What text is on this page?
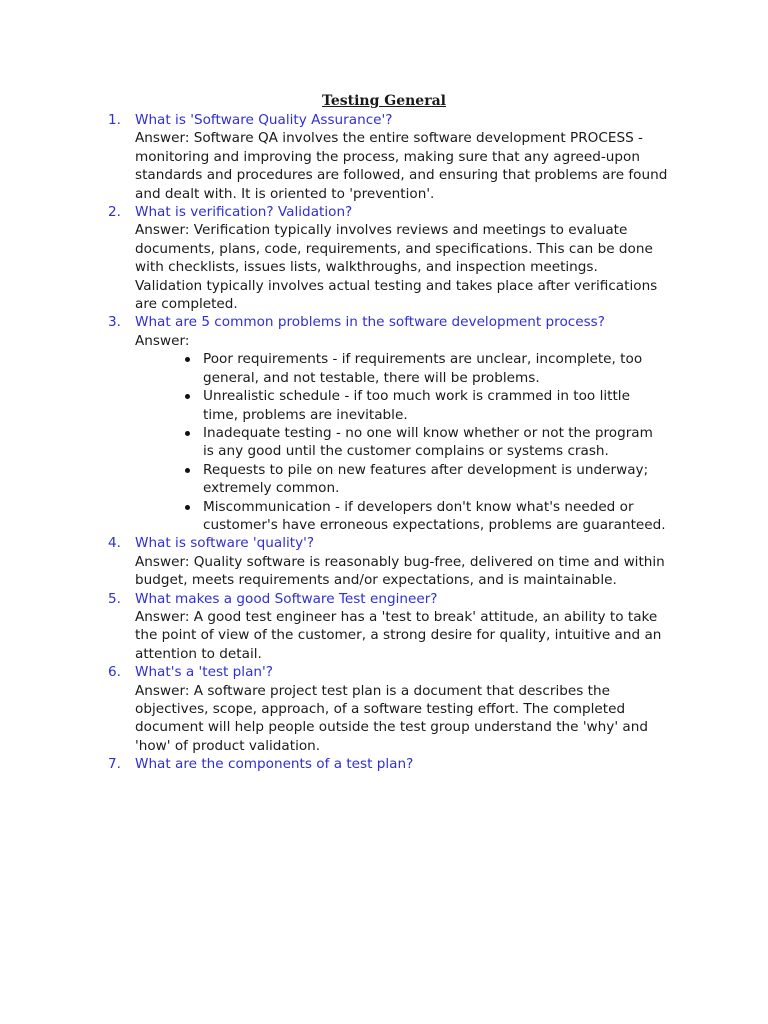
Testing General
1. What is 'Software Quality Assurance'?
Answer: Software QA involves the entire software development PROCESS - monitoring and improving the process, making sure that any agreed-upon standards and procedures are followed, and ensuring that problems are found and dealt with. It is oriented to 'prevention'.
2. What is verification? Validation?
Answer: Verification typically involves reviews and meetings to evaluate documents, plans, code, requirements, and specifications. This can be done with checklists, issues lists, walkthroughs, and inspection meetings. Validation typically involves actual testing and takes place after verifications are completed.
3. What are 5 common problems in the software development process?
Answer:
Poor requirements - if requirements are unclear, incomplete, too general, and not testable, there will be problems.
Unrealistic schedule - if too much work is crammed in too little time, problems are inevitable.
Inadequate testing - no one will know whether or not the program is any good until the customer complains or systems crash.
Requests to pile on new features after development is underway; extremely common.
Miscommunication - if developers don't know what's needed or customer's have erroneous expectations, problems are guaranteed.
4. What is software 'quality'?
Answer: Quality software is reasonably bug-free, delivered on time and within budget, meets requirements and/or expectations, and is maintainable.
5. What makes a good Software Test engineer?
Answer: A good test engineer has a 'test to break' attitude, an ability to take the point of view of the customer, a strong desire for quality, intuitive and an attention to detail.
6. What's a 'test plan'?
Answer: A software project test plan is a document that describes the objectives, scope, approach, of a software testing effort. The completed document will help people outside the test group understand the 'why' and 'how' of product validation.
7. What are the components of a test plan?
